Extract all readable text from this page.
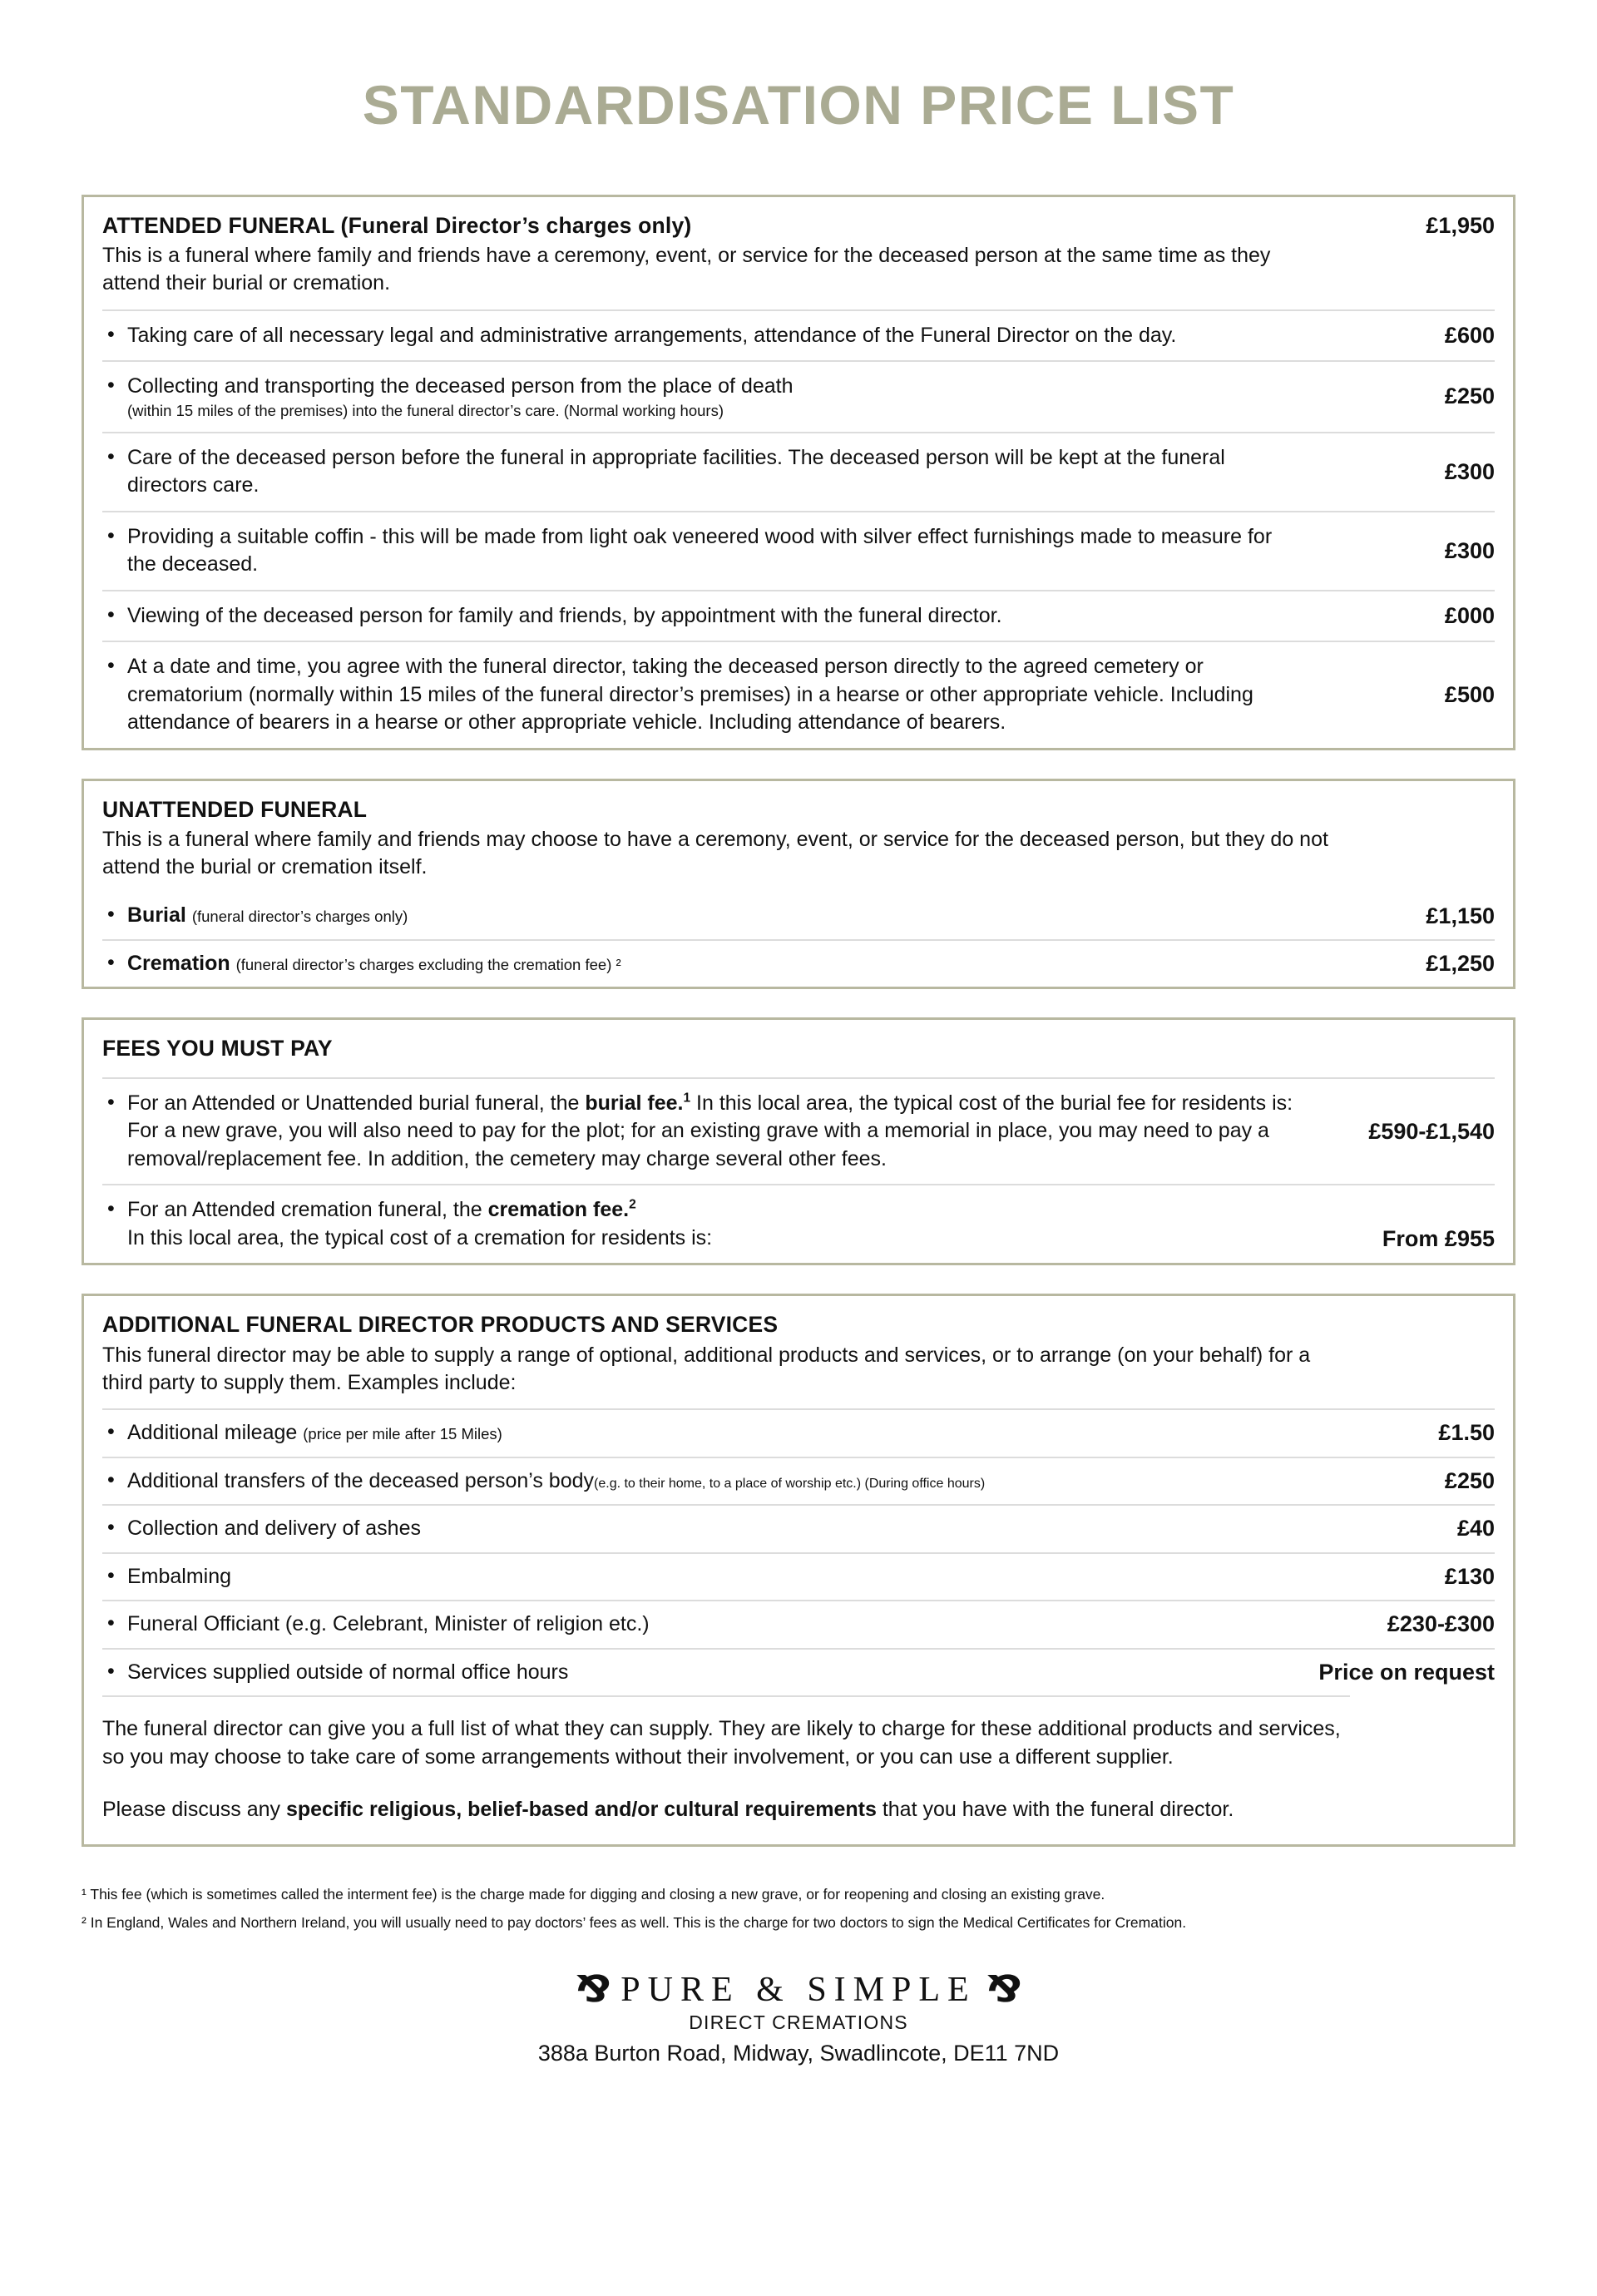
STANDARDISATION PRICE LIST
ATTENDED FUNERAL (Funeral Director’s charges only)
This is a funeral where family and friends have a ceremony, event, or service for the deceased person at the same time as they attend their burial or cremation.
£1,950
• Taking care of all necessary legal and administrative arrangements, attendance of the Funeral Director on the day.	£600
• Collecting and transporting the deceased person from the place of death
(within 15 miles of the premises) into the funeral director’s care. (Normal working hours)
£250
• Care of the deceased person before the funeral in appropriate facilities. The deceased person will be kept at the funeral directors care.
£300
• Providing a suitable coffin - this will be made from light oak veneered wood with silver effect furnishings made to measure for the deceased.
£300
• Viewing of the deceased person for family and friends, by appointment with the funeral director.	£000
• At a date and time, you agree with the funeral director, taking the deceased person directly to the agreed cemetery or crematorium (normally within 15 miles of the funeral director’s premises) in a hearse or other appropriate vehicle. Including attendance of bearers in a hearse or other appropriate vehicle. Including attendance of bearers.
£500
UNATTENDED FUNERAL
This is a funeral where family and friends may choose to have a ceremony, event, or service for the deceased person, but they do not attend the burial or cremation itself.
• Burial (funeral director’s charges only)	£1,150
• Cremation (funeral director’s charges excluding the cremation fee) ²	£1,250
FEES YOU MUST PAY
• For an Attended or Unattended burial funeral, the burial fee.$^1$ In this local area, the typical cost of the burial fee for residents is: For a new grave, you will also need to pay for the plot; for an existing grave with a memorial in place, you may need to pay a removal/replacement fee. In addition, the cemetery may charge several other fees.
£590-£1,540
• For an Attended cremation funeral, the cremation fee.$^2$
In this local area, the typical cost of a cremation for residents is:	From £955
ADDITIONAL FUNERAL DIRECTOR PRODUCTS AND SERVICES
This funeral director may be able to supply a range of optional, additional products and services, or to arrange (on your behalf) for a third party to supply them. Examples include:
• Additional mileage (price per mile after 15 Miles)	£1.50
• Additional transfers of the deceased person’s body(e.g. to their home, to a place of worship etc.) (During office hours)	£250
• Collection and delivery of ashes	£40
• Embalming	£130
• Funeral Officiant (e.g. Celebrant, Minister of religion etc.)	£230-£300
• Services supplied outside of normal office hours	Price on request

The funeral director can give you a full list of what they can supply. They are likely to charge for these additional products and services, so you may choose to take care of some arrangements without their involvement, or you can use a different supplier.

Please discuss any specific religious, belief-based and/or cultural requirements that you have with the funeral director.

¹ This fee (which is sometimes called the interment fee) is the charge made for digging and closing a new grave, or for reopening and closing an existing grave.
² In England, Wales and Northern Ireland, you will usually need to pay doctors’ fees as well. This is the charge for two doctors to sign the Medical Certificates for Cremation.
⅋ PURE & SIMPLE ⅋
DIRECT CREMATIONS
388a Burton Road, Midway, Swadlincote, DE11 7ND
